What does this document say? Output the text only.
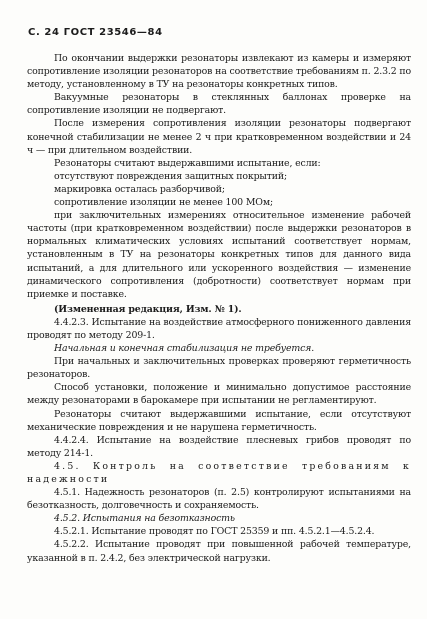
С. 24 ГОСТ 23546—84

По окончании выдержки резонаторы извлекают из камеры и измеряют сопротивление изоляции резонаторов на соответствие требованиям п. 2.3.2 по методу, установленному в ТУ на резонаторы конкретных типов.

Вакуумные резонаторы в стеклянных баллонах проверке на сопротивление изоляции не подвергают.

После измерения сопротивления изоляции резонаторы подвергают конечной стабилизации не менее 2 ч при кратковременном воздействии и 24 ч — при длительном воздействии.

Резонаторы считают выдержавшими испытание, если:

отсутствуют повреждения защитных покрытий;

маркировка осталась разборчивой;

сопротивление изоляции не менее 100 МОм;

при заключительных измерениях относительное изменение рабочей частоты (при кратковременном воздействии) после выдержки резонаторов в нормальных климатических условиях испытаний соответствует нормам, установленным в ТУ на резонаторы конкретных типов для данного вида испытаний, а для длительного или ускоренного воздействия — изменение динамического сопротивления (добротности) соответствует нормам при приемке и поставке.

(Измененная редакция, Изм. № 1).

4.4.2.3. Испытание на воздействие атмосферного пониженного давления проводят по методу 209-1.

Начальная и конечная стабилизация не требуется.

При начальных и заключительных проверках проверяют герметичность резонаторов.

Способ установки, положение и минимально допустимое расстояние между резонаторами в барокамере при испытании не регламентируют.

Резонаторы считают выдержавшими испытание, если отсутствуют механические повреждения и не нарушена герметичность.

4.4.2.4. Испытание на воздействие плесневых грибов проводят по методу 214-1.

4.5. Контроль на соответствие требованиям к надежности

4.5.1. Надежность резонаторов (п. 2.5) контролируют испытаниями на безотказность, долговечность и сохраняемость.

4.5.2. Испытания на безотказность

4.5.2.1. Испытание проводят по ГОСТ 25359 и пп. 4.5.2.1—4.5.2.4.

4.5.2.2. Испытание проводят при повышенной рабочей температуре, указанной в п. 2.4.2, без электрической нагрузки.
